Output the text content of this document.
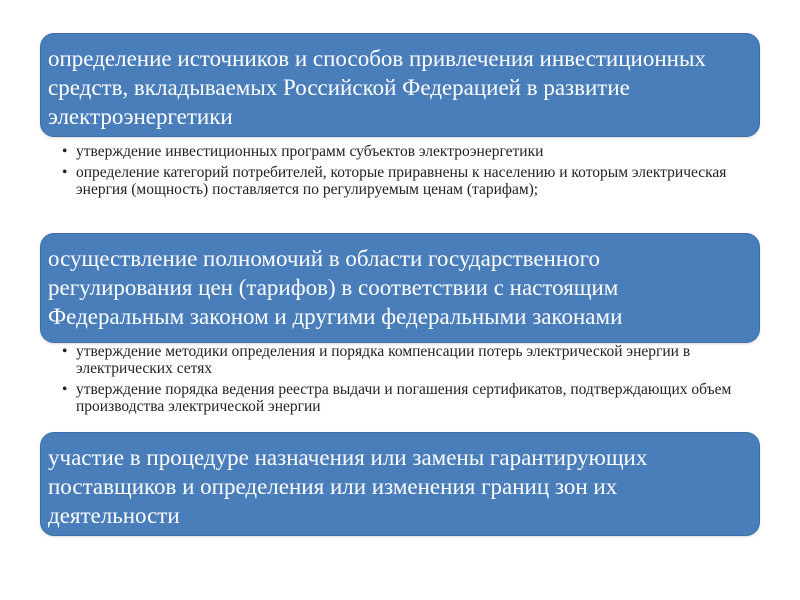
определение источников и способов привлечения инвестиционных средств, вкладываемых Российской Федерацией в развитие электроэнергетики
• утверждение инвестиционных программ субъектов электроэнергетики
• определение категорий потребителей, которые приравнены к населению и которым электрическая энергия (мощность) поставляется по регулируемым ценам (тарифам);
осуществление полномочий в области государственного регулирования цен (тарифов) в соответствии с настоящим Федеральным законом и другими федеральными законами
• утверждение методики определения и порядка компенсации потерь электрической энергии в электрических сетях
• утверждение порядка ведения реестра выдачи и погашения сертификатов, подтверждающих объем производства электрической энергии
участие в процедуре назначения или замены гарантирующих поставщиков и определения или изменения границ зон их деятельности
